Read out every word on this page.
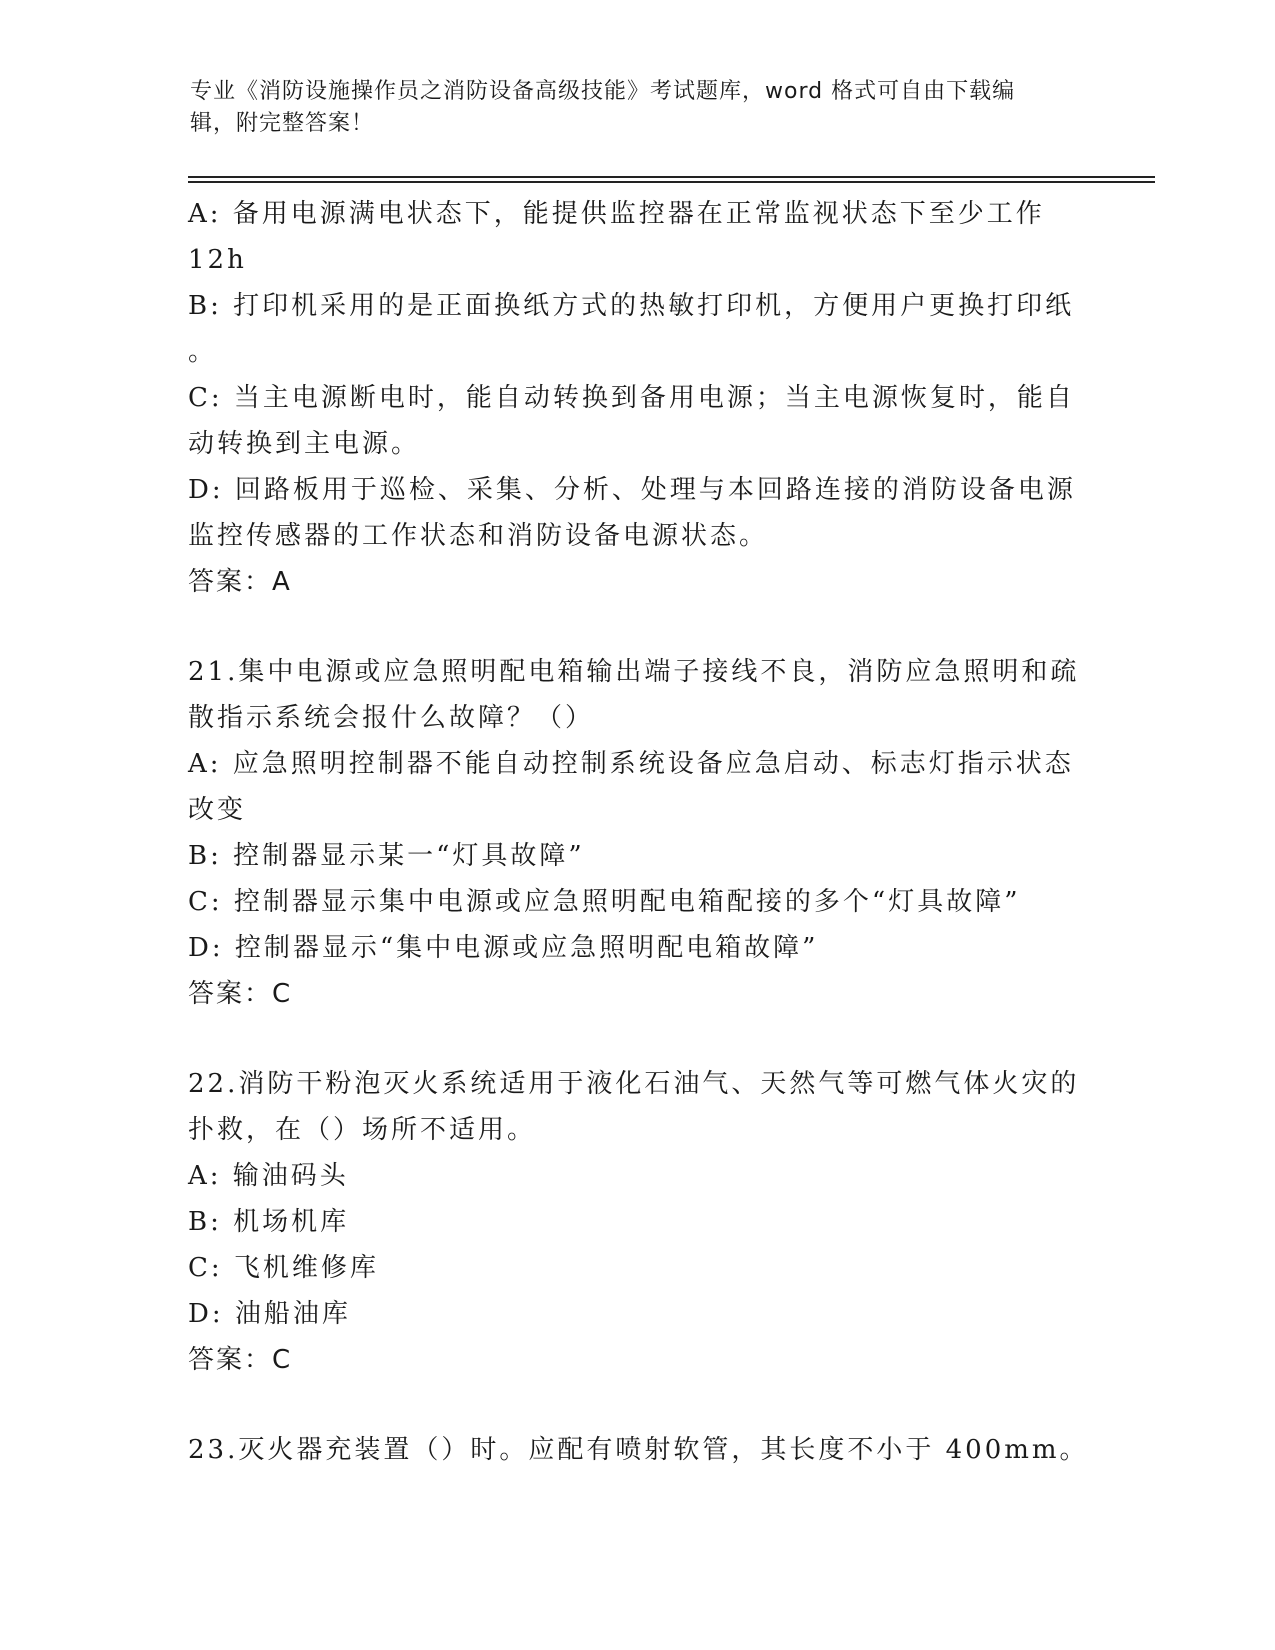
专业《消防设施操作员之消防设备高级技能》考试题库，word 格式可自由下载编
辑，附完整答案！
A: 备用电源满电状态下，能提供监控器在正常监视状态下至少工作
12h
B: 打印机采用的是正面换纸方式的热敏打印机，方便用户更换打印纸
。
C: 当主电源断电时，能自动转换到备用电源；当主电源恢复时，能自
动转换到主电源。
D: 回路板用于巡检、采集、分析、处理与本回路连接的消防设备电源
监控传感器的工作状态和消防设备电源状态。
答案：A
21.集中电源或应急照明配电箱输出端子接线不良，消防应急照明和疏
散指示系统会报什么故障？（）
A: 应急照明控制器不能自动控制系统设备应急启动、标志灯指示状态
改变
B: 控制器显示某一“灯具故障”
C: 控制器显示集中电源或应急照明配电箱配接的多个“灯具故障”
D: 控制器显示“集中电源或应急照明配电箱故障”
答案：C
22.消防干粉泡灭火系统适用于液化石油气、天然气等可燃气体火灾的
扑救，在（）场所不适用。
A: 输油码头
B: 机场机库
C: 飞机维修库
D: 油船油库
答案：C
23.灭火器充装置（）时。应配有喷射软管，其长度不小于 400mm。
